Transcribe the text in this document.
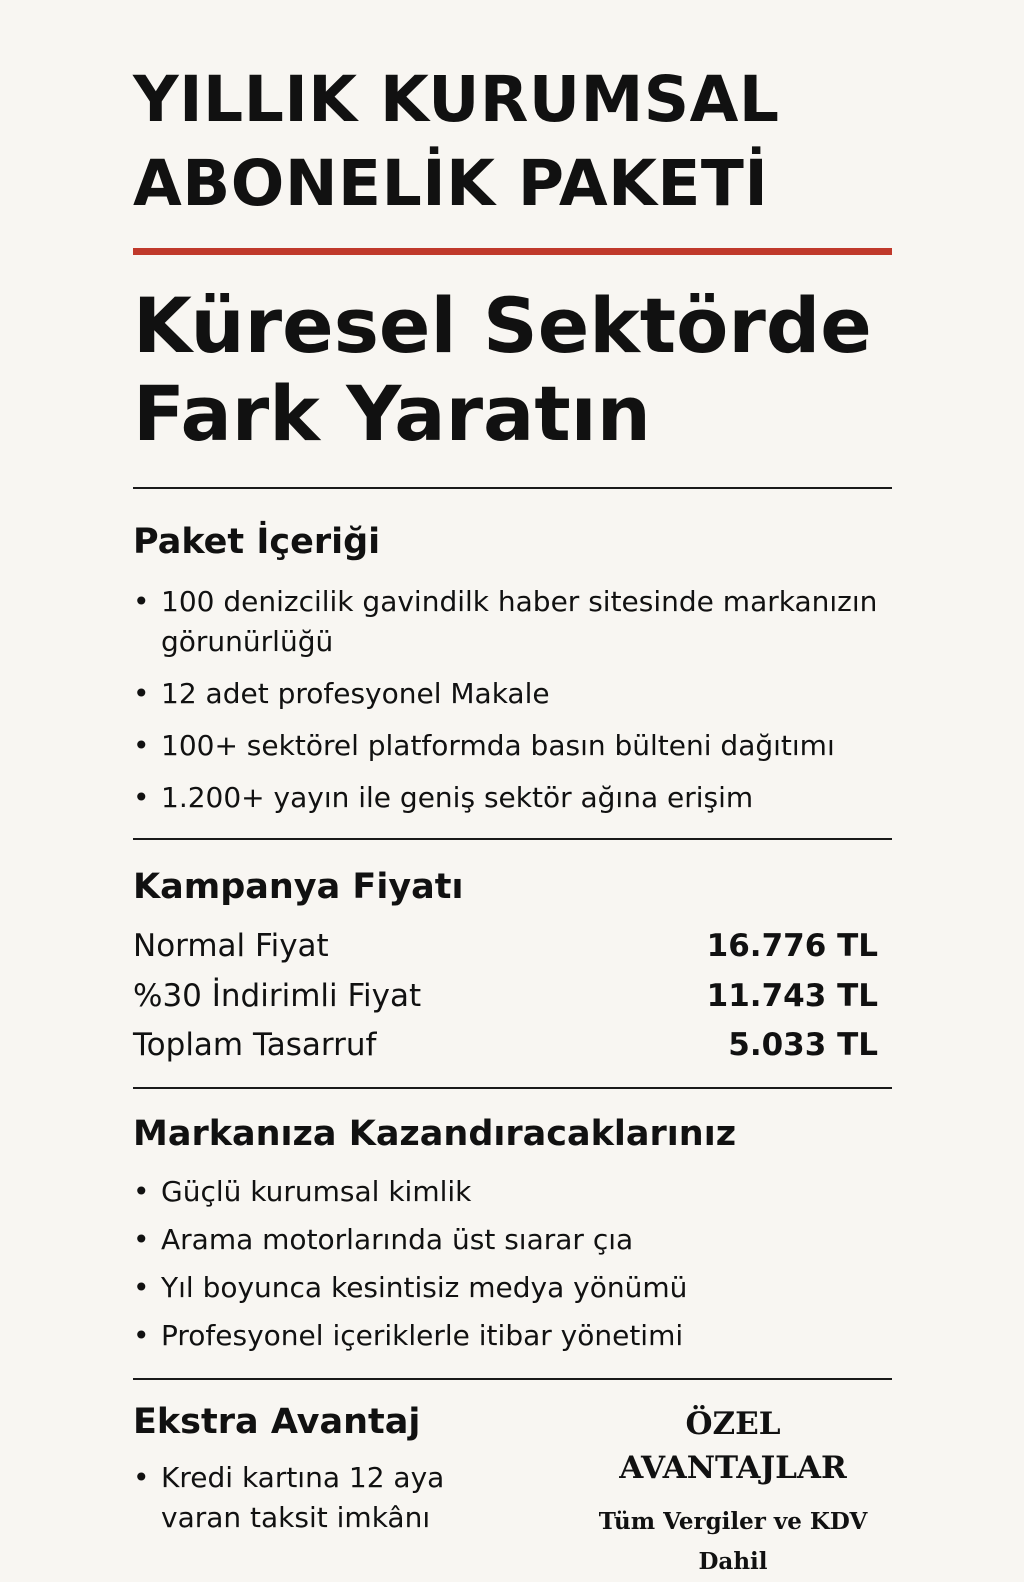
YILLIK KURUMSAL ABONELİK PAKETİ
Küresel Sektörde Fark Yaratın
Paket İçeriği
• 100 denizcilik gavindilk haber sitesinde markanızın görunürlüğü
• 12 adet profesyonel Makale
• 100+ sektörel platformda basın bülteni dağıtımı
• 1.200+ yayın ile geniş sektör ağına erişim
Kampanya Fiyatı
Normal Fiyat	16.776 TL
%30 İndirimli Fiyat	11.743 TL
Toplam Tasarruf	5.033 TL
Markanıza Kazandıracaklarınız
• Güçlü kurumsal kimlik
• Arama motorlarında üst sıarar çıa
• Yıl boyunca kesintisiz medya yönümü
• Profesyonel içeriklerle itibar yönetimi
Ekstra Avantaj
• Kredi kartına 12 aya varan taksit imkânı
ÖZEL AVANTAJLAR
Tüm Vergiler ve KDV Dahil
